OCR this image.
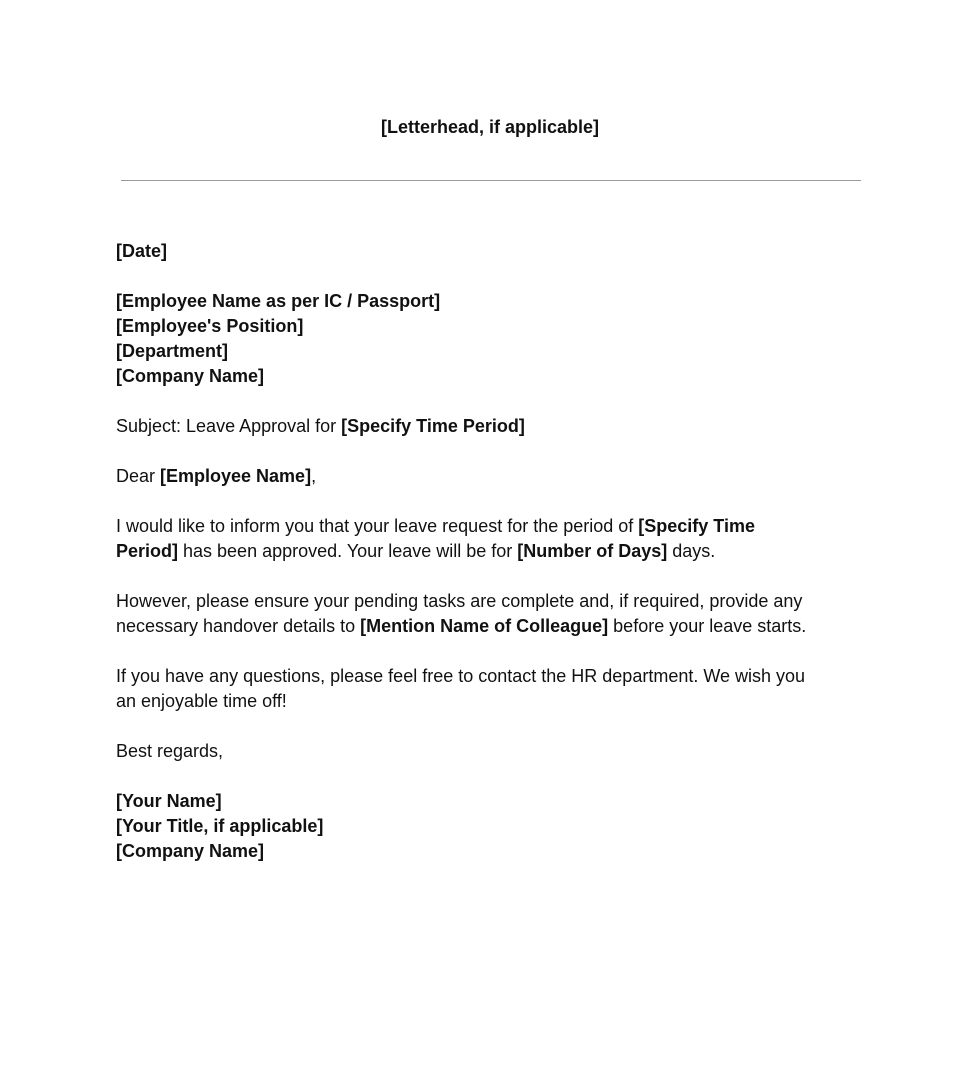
[Letterhead, if applicable]
[Date]
[Employee Name as per IC / Passport]
[Employee's Position]
[Department]
[Company Name]

Subject: Leave Approval for [Specify Time Period]

Dear [Employee Name],

I would like to inform you that your leave request for the period of [Specify Time
Period] has been approved. Your leave will be for [Number of Days] days.

However, please ensure your pending tasks are complete and, if required, provide any
necessary handover details to [Mention Name of Colleague] before your leave starts.

If you have any questions, please feel free to contact the HR department. We wish you
an enjoyable time off!

Best regards,

[Your Name]
[Your Title, if applicable]
[Company Name]
